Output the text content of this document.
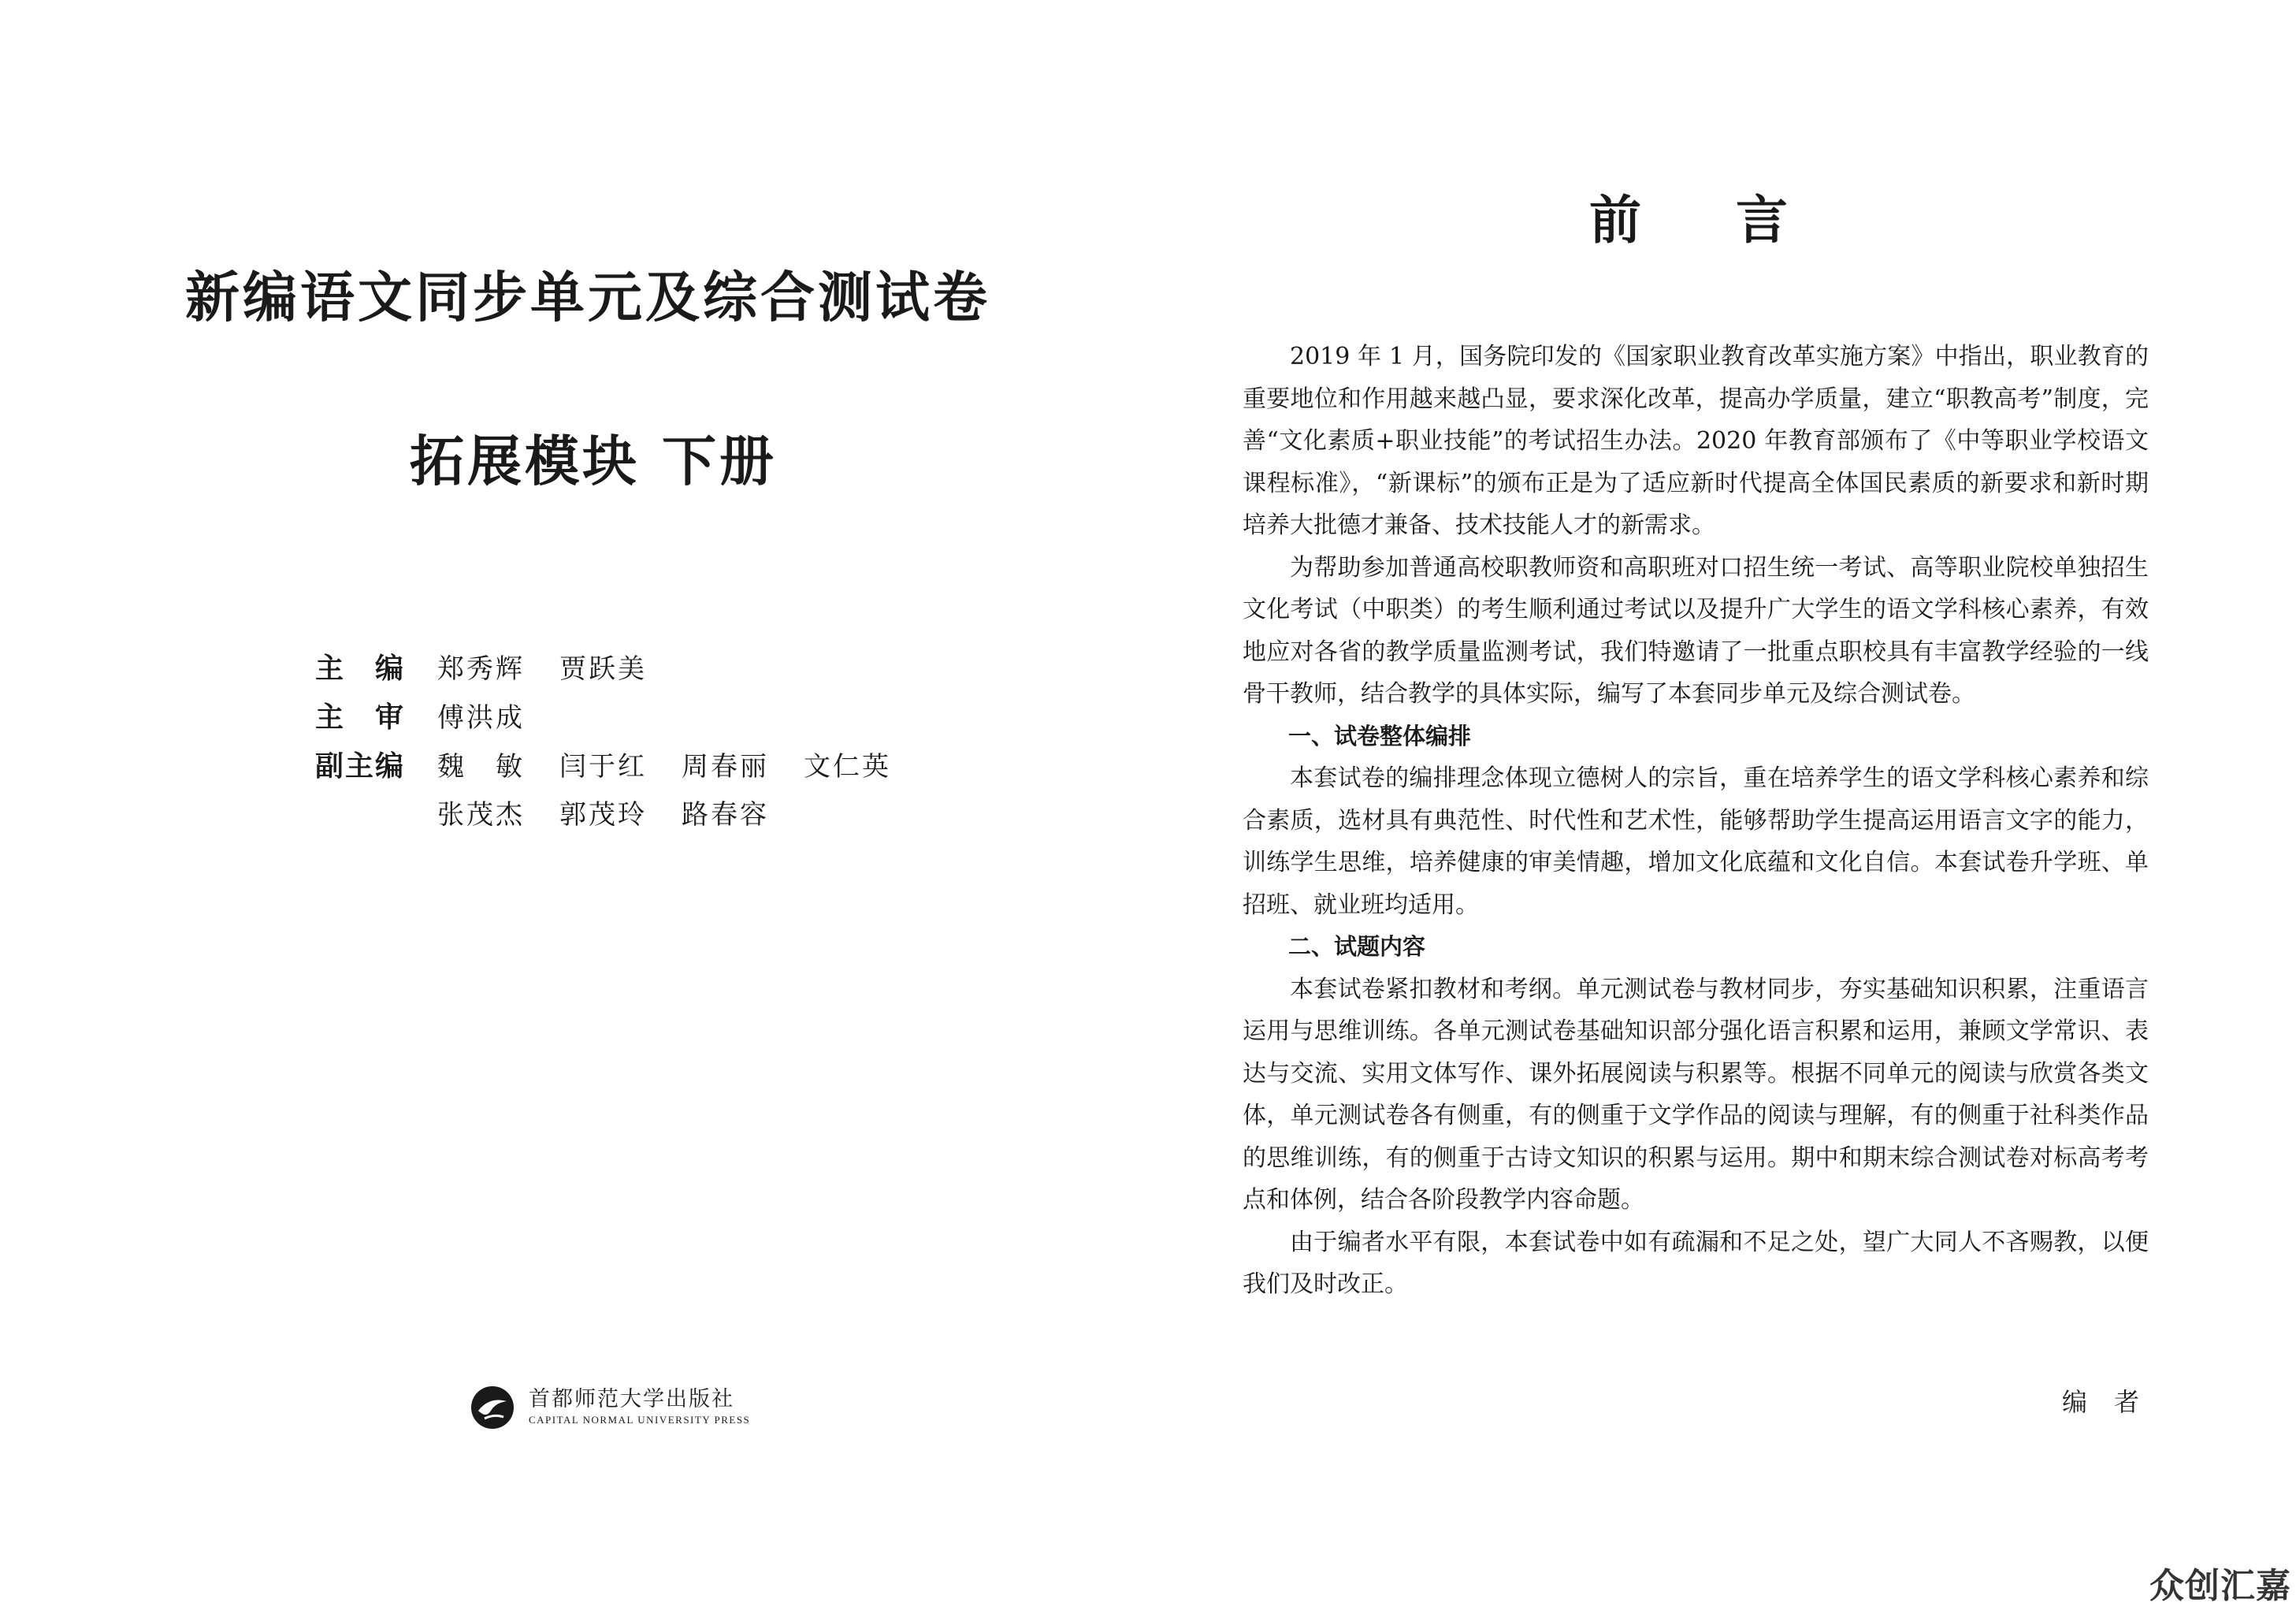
新编语文同步单元及综合测试卷
拓展模块 下册
主　编	郑秀辉 贾跃美
主　审	傅洪成
副主编	魏　敏 闫于红 周春丽 文仁英
张茂杰 郭茂玲 路春容
首都师范大学出版社
CAPITAL NORMAL UNIVERSITY PRESS
前言

2019 年 1 月，国务院印发的《国家职业教育改革实施方案》中指出，职业教育的重要地位和作用越来越凸显，要求深化改革，提高办学质量，建立“职教高考”制度，完善“文化素质+职业技能”的考试招生办法。2020 年教育部颁布了《中等职业学校语文课程标准》，“新课标”的颁布正是为了适应新时代提高全体国民素质的新要求和新时期培养大批德才兼备、技术技能人才的新需求。

为帮助参加普通高校职教师资和高职班对口招生统一考试、高等职业院校单独招生文化考试（中职类）的考生顺利通过考试以及提升广大学生的语文学科核心素养，有效地应对各省的教学质量监测考试，我们特邀请了一批重点职校具有丰富教学经验的一线骨干教师，结合教学的具体实际，编写了本套同步单元及综合测试卷。

一、试卷整体编排

本套试卷的编排理念体现立德树人的宗旨，重在培养学生的语文学科核心素养和综合素质，选材具有典范性、时代性和艺术性，能够帮助学生提高运用语言文字的能力，训练学生思维，培养健康的审美情趣，增加文化底蕴和文化自信。本套试卷升学班、单招班、就业班均适用。

二、试题内容

本套试卷紧扣教材和考纲。单元测试卷与教材同步，夯实基础知识积累，注重语言运用与思维训练。各单元测试卷基础知识部分强化语言积累和运用，兼顾文学常识、表达与交流、实用文体写作、课外拓展阅读与积累等。根据不同单元的阅读与欣赏各类文体，单元测试卷各有侧重，有的侧重于文学作品的阅读与理解，有的侧重于社科类作品的思维训练，有的侧重于古诗文知识的积累与运用。期中和期末综合测试卷对标高考考点和体例，结合各阶段教学内容命题。

由于编者水平有限，本套试卷中如有疏漏和不足之处，望广大同人不吝赐教，以便我们及时改正。

编者
众创汇嘉
